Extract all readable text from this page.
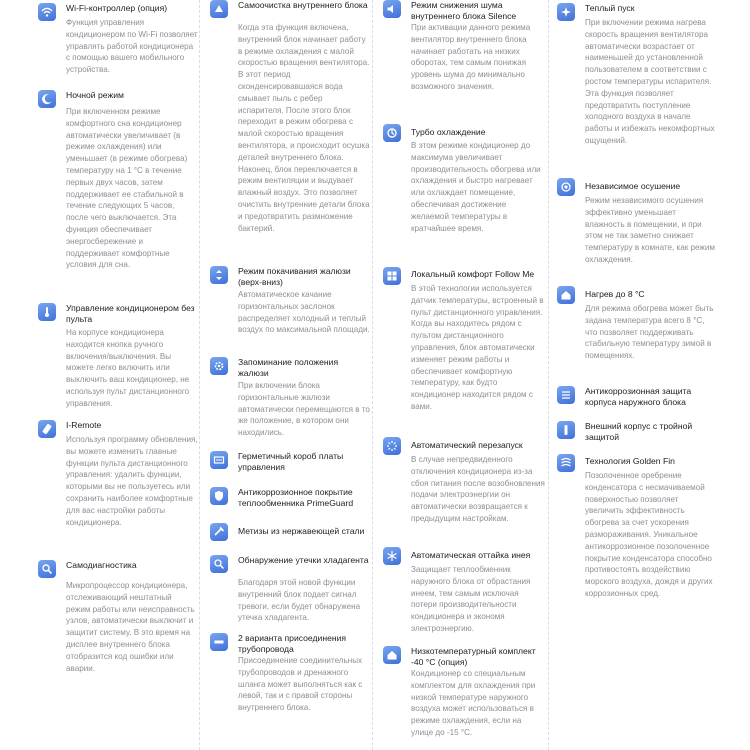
Wi-Fi-контроллер (опция)
Функция управления кондиционером по Wi-Fi позволяет управлять работой кондиционера с помощью вашего мобильного устройства.
Ночной режим
При включенном режиме комфортного сна кондиционер автоматически увеличивает (в режиме охлаждения) или уменьшает (в режиме обогрева) температуру на 1 °C в течение первых двух часов, затем поддерживает ее стабильной в течение следующих 5 часов, после чего выключается. Эта функция обеспечивает энергосбережение и поддерживает комфортные условия для сна.
Управление кондиционером без пульта
На корпусе кондиционера находится кнопка ручного включения/выключения. Вы можете легко включить или выключить ваш кондиционер, не используя пульт дистанционного управления.
I-Remote
Используя программу обновления, вы можете изменить главные функции пульта дистанционного управления: удалить функции, которыми вы не пользуетесь или сохранить наиболее комфортные для вас настройки работы кондиционера.
Самодиагностика
Микропроцессор кондиционера, отслеживающий нештатный режим работы или неисправность узлов, автоматически выключит и защитит систему. В это время на дисплее внутреннего блока отобразится код ошибки или аварии.
Самоочистка внутреннего блока
Когда эта функция включена, внутренний блок начинает работу в режиме охлаждения с малой скоростью вращения вентилятора. В этот период сконденсировавшаяся вода смывает пыль с ребер испарителя. После этого блок переходит в режим обогрева с малой скоростью вращения вентилятора, и происходит осушка деталей внутреннего блока. Наконец, блок переключается в режим вентиляции и выдувает влажный воздух. Это позволяет очистить внутренние детали блока и предотвратить размножение бактерий.
Режим покачивания жалюзи (верх-вниз)
Автоматическое качание горизонтальных заслонок распределяет холодный и теплый воздух по максимальной площади.
Запоминание положения жалюзи
При включении блока горизонтальные жалюзи автоматически перемещаются в то же положение, в котором они находились.
Герметичный короб платы управления
Антикоррозионное покрытие теплообменника PrimeGuard
Метизы из нержавеющей стали
Обнаружение утечки хладагента
Благодаря этой новой функции внутренний блок подает сигнал тревоги, если будет обнаружена утечка хладагента.
2 варианта присоединения трубопровода
Присоединение соединительных трубопроводов и дренажного шланга может выполняться как с левой, так и с правой стороны внутреннего блока.
Режим снижения шума внутреннего блока Silence
При активации данного режима вентилятор внутреннего блока начинает работать на низких оборотах, тем самым понижая уровень шума до минимально возможного значения.
Турбо охлаждение
В этом режиме кондиционер до максимума увеличивает производительность обогрева или охлаждения и быстро нагревает или охлаждает помещение, обеспечивая достижение желаемой температуры в кратчайшее время.
Локальный комфорт Follow Me
В этой технологии используется датчик температуры, встроенный в пульт дистанционного управления. Когда вы находитесь рядом с пультом дистанционного управления, блок автоматически изменяет режим работы и обеспечивает комфортную температуру, как будто кондиционер находится рядом с вами.
Автоматический перезапуск
В случае непредвиденного отключения кондиционера из-за сбоя питания после возобновления подачи электроэнергии он автоматически возвращается к предыдущим настройкам.
Автоматическая оттайка инея
Защищает теплообменник наружного блока от обрастания инеем, тем самым исключая потери производительности кондиционера и экономя электроэнергию.
Низкотемпературный комплект -40 °С (опция)
Кондиционер со специальным комплектом для охлаждения при низкой температуре наружного воздуха может использоваться в режиме охлаждения, если на улице до -15 °C.
Теплый пуск
При включении режима нагрева скорость вращения вентилятора автоматически возрастает от наименьшей до установленной пользователем в соответствии с ростом температуры испарителя. Эта функция позволяет предотвратить поступление холодного воздуха в начале работы и избежать некомфортных ощущений.
Независимое осушение
Режим независимого осушения эффективно уменьшает влажность в помещении, и при этом не так заметно снижает температуру в комнате, как режим охлаждения.
Нагрев до 8 °C
Для режима обогрева может быть задана температура всего 8 °C, что позволяет поддерживать стабильную температуру зимой в помещениях.
Антикоррозионная защита корпуса наружного блока
Внешний корпус с тройной защитой
Технология Golden Fin
Позолоченное оребрение конденсатора с несмачиваемой поверхностью позволяет увеличить эффективность обогрева за счет ускорения размораживания. Уникальное антикоррозионное позолоченное покрытие конденсатора способно противостоять воздействию морского воздуха, дождя и других коррозионных сред.
